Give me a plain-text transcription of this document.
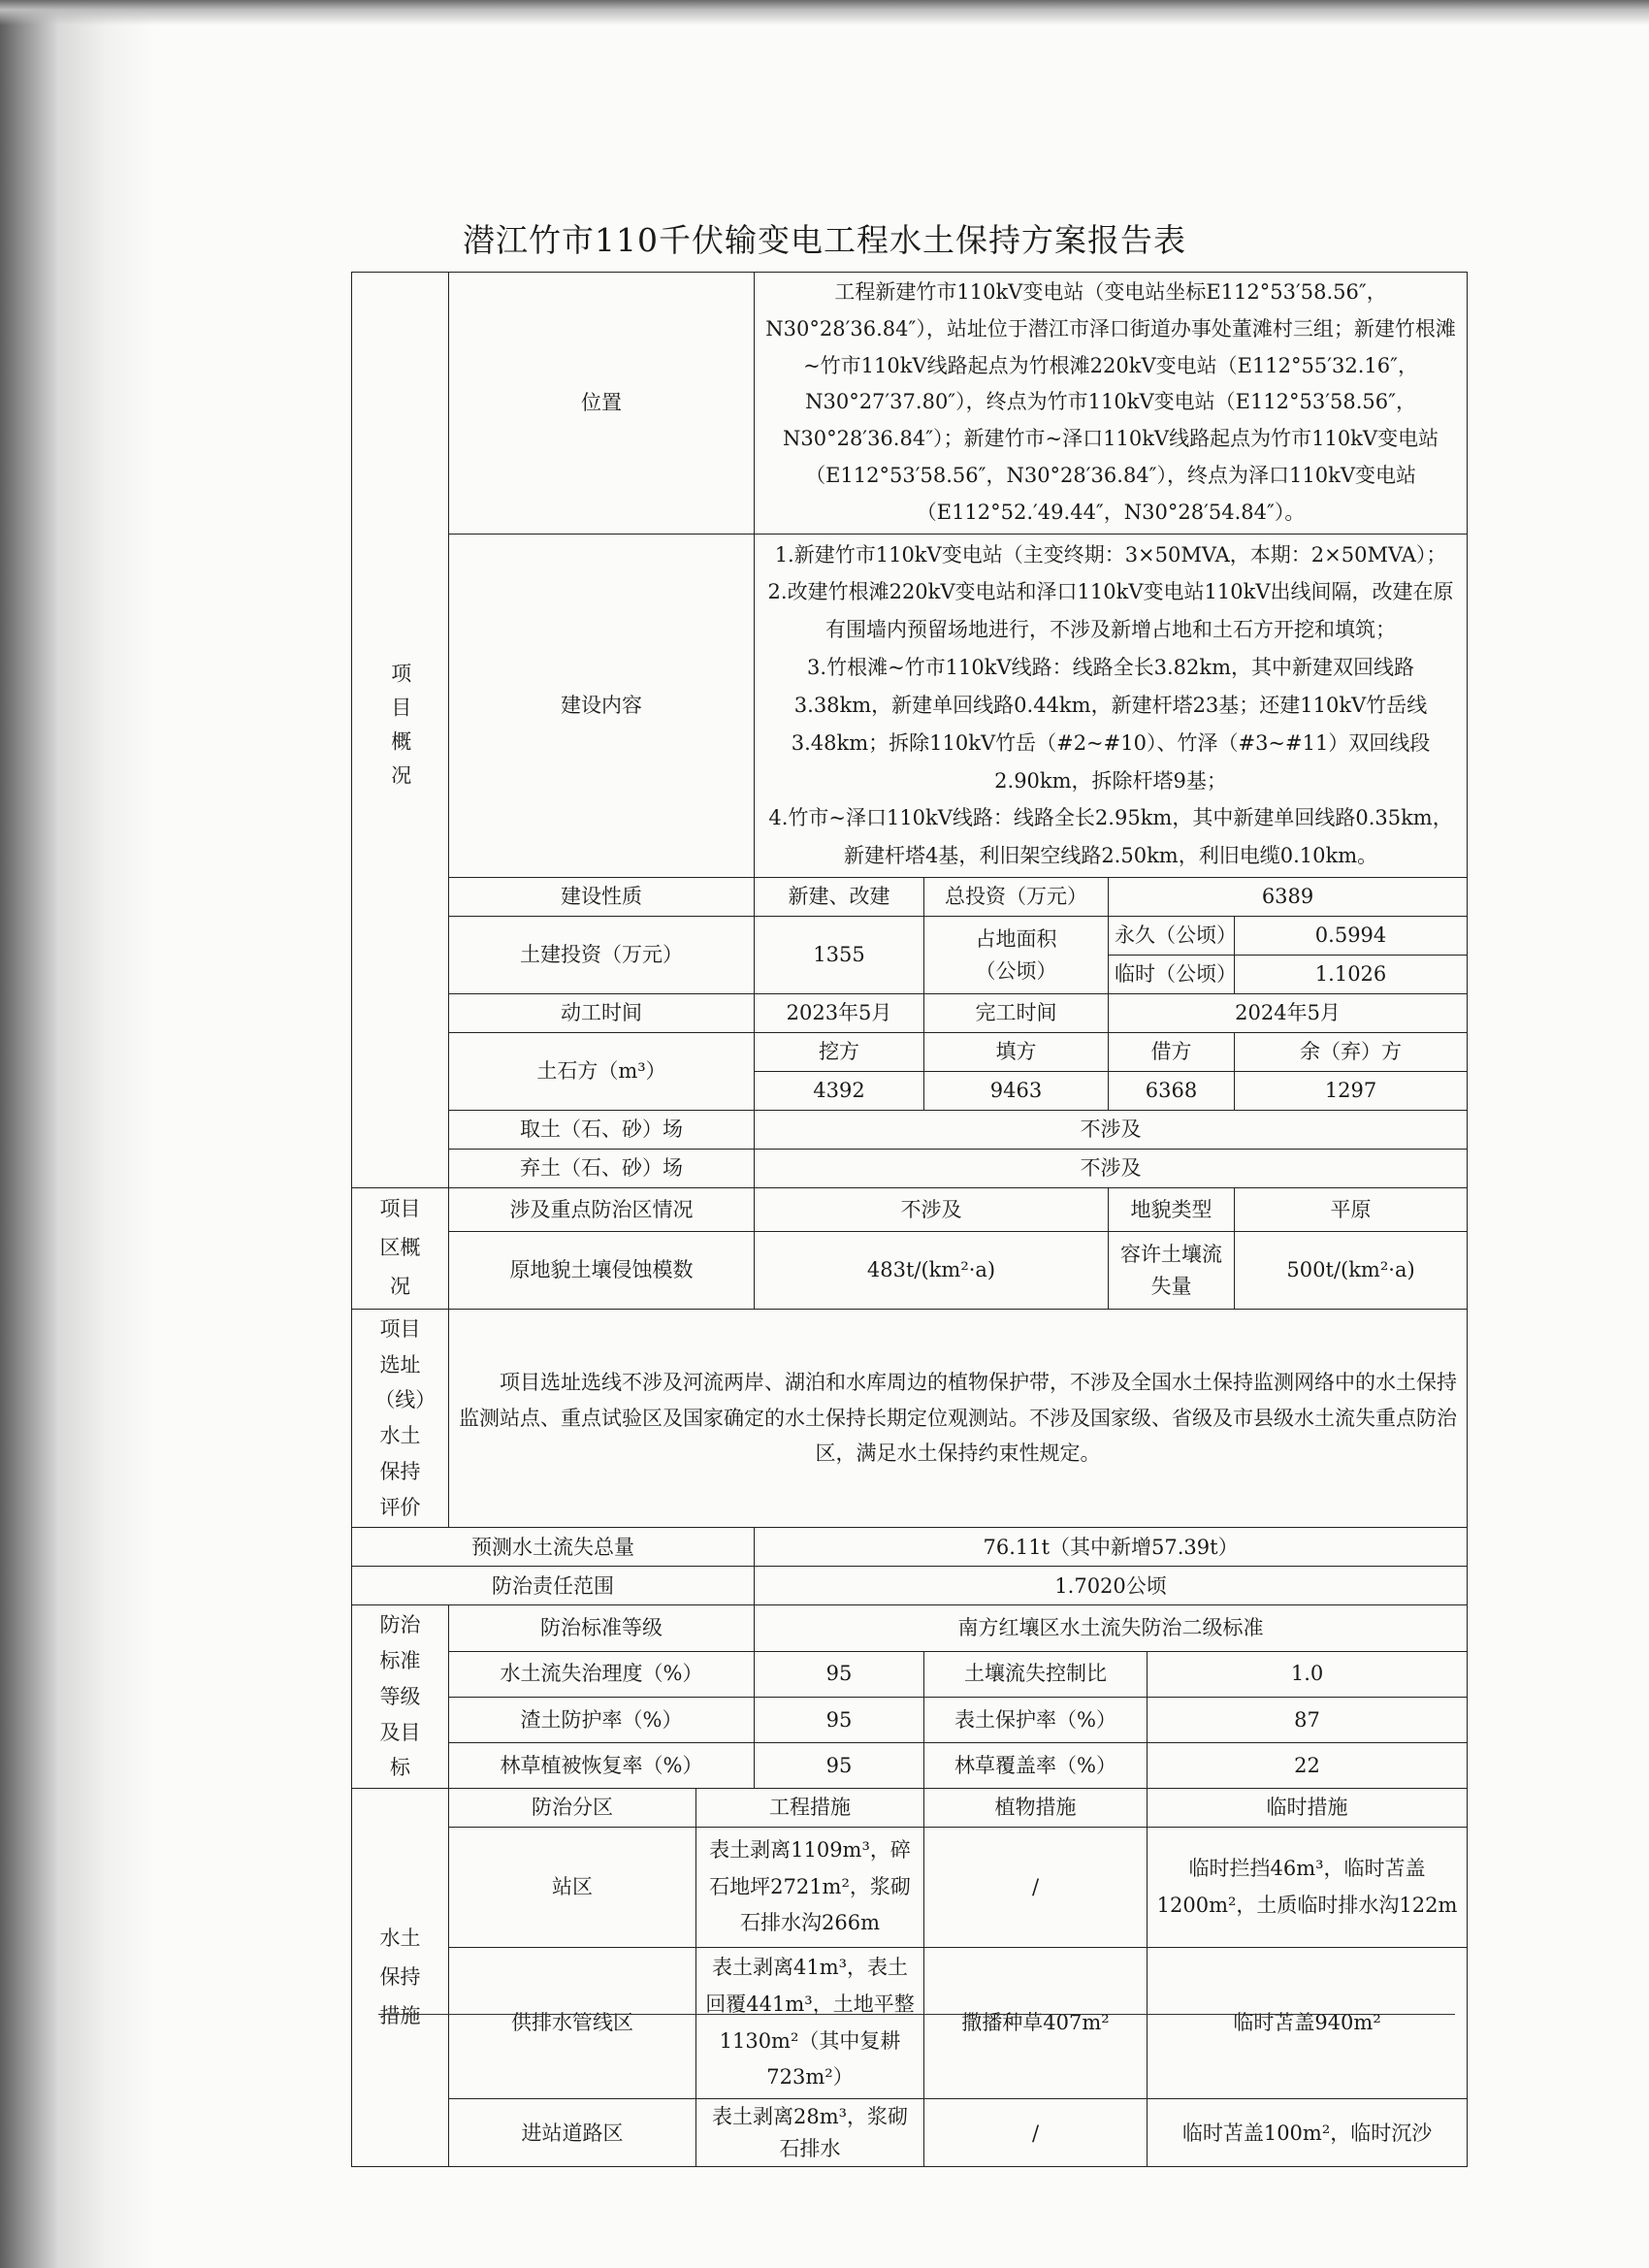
潜江竹市110千伏输变电工程水土保持方案报告表
项目概况	位置		工程新建竹市110kV变电站（变电站坐标E112°53′58.56″，N30°28′36.84″），站址位于潜江市泽口街道办事处董滩村三组；新建竹根滩~竹市110kV线路起点为竹根滩220kV变电站（E112°55′32.16″，N30°27′37.80″），终点为竹市110kV变电站（E112°53′58.56″，N30°28′36.84″）；新建竹市~泽口110kV线路起点为竹市110kV变电站（E112°53′58.56″，N30°28′36.84″），终点为泽口110kV变电站（E112°52.′49.44″，N30°28′54.84″）。				
	建设内容		1.新建竹市110kV变电站（主变终期：3×50MVA，本期：2×50MVA）；
2.改建竹根滩220kV变电站和泽口110kV变电站110kV出线间隔，改建在原有围墙内预留场地进行，不涉及新增占地和土石方开挖和填筑；
3.竹根滩~竹市110kV线路：线路全长3.82km，其中新建双回线路3.38km，新建单回线路0.44km，新建杆塔23基；还建110kV竹岳线3.48km；拆除110kV竹岳（#2~#10）、竹泽（#3~#11）双回线段2.90km，拆除杆塔9基；
4.竹市~泽口110kV线路：线路全长2.95km，其中新建单回线路0.35km，新建杆塔4基，利旧架空线路2.50km，利旧电缆0.10km。				

	建设性质		新建、改建	总投资（万元）	6389		
	土建投资（万元）		1355	占地面积（公顷）	永久（公顷）		0.5994
					临时（公顷）		1.1026
	动工时间		2023年5月	完工时间	2024年5月		
	土石方（m³）		挖方	填方	借方		余（弃）方
			4392	9463	6368		1297
	取土（石、砂）场		不涉及				
	弃土（石、砂）场		不涉及				

项目区概况	涉及重点防治区情况		不涉及		地貌类型		平原
	原地貌土壤侵蚀模数		483t/(km²·a)		容许土壤流失量		500t/(km²·a)
项目选址（线）水土保持评价	项目选址选线不涉及河流两岸、湖泊和水库周边的植物保护带，不涉及全国水土保持监测网络中的水土保持监测站点、重点试验区及国家确定的水土保持长期定位观测站。不涉及国家级、省级及市县级水土流失重点防治区，满足水土保持约束性规定。						

预测水土流失总量			76.11t（其中新增57.39t）				
防治责任范围			1.7020公顷				
防治标准等级及目标	防治标准等级		南方红壤区水土流失防治二级标准				
	水土流失治理度（%）		95	土壤流失控制比		1.0	
	渣土防护率（%）		95	表土保护率（%）		87	
	林草植被恢复率（%）		95	林草覆盖率（%）		22	
水土保持措施	防治分区	工程措施		植物措施		临时措施	
	站区	表土剥离1109m³，碎石地坪2721m²，浆砌石排水沟266m		/		临时拦挡46m³，临时苫盖1200m²，土质临时排水沟122m	
	供排水管线区	表土剥离41m³，表土回覆441m³，土地平整1130m²（其中复耕723m²）		撒播种草407m²		临时苫盖940m²	
	进站道路区	表土剥离28m³，浆砌石排水		/		临时苫盖100m²，临时沉沙	
